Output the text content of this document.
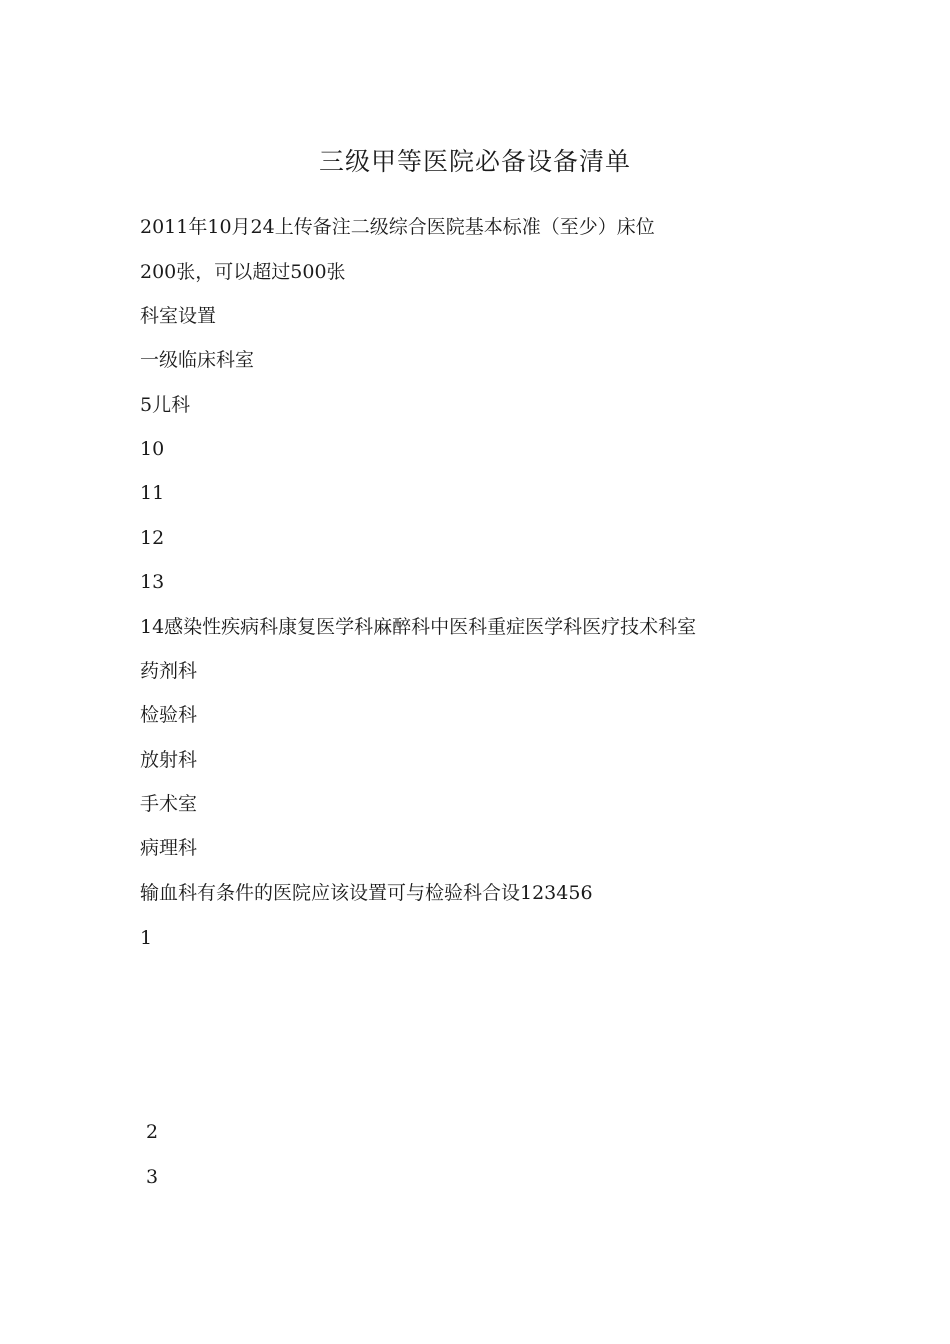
三级甲等医院必备设备清单
2011年10月24上传备注二级综合医院基本标准（至少）床位
200张，可以超过500张
科室设置
一级临床科室
5儿科
10
11
12
13
14感染性疾病科康复医学科麻醉科中医科重症医学科医疗技术科室
药剂科
检验科
放射科
手术室
病理科
输血科有条件的医院应该设置可与检验科合设123456
1
2
3
